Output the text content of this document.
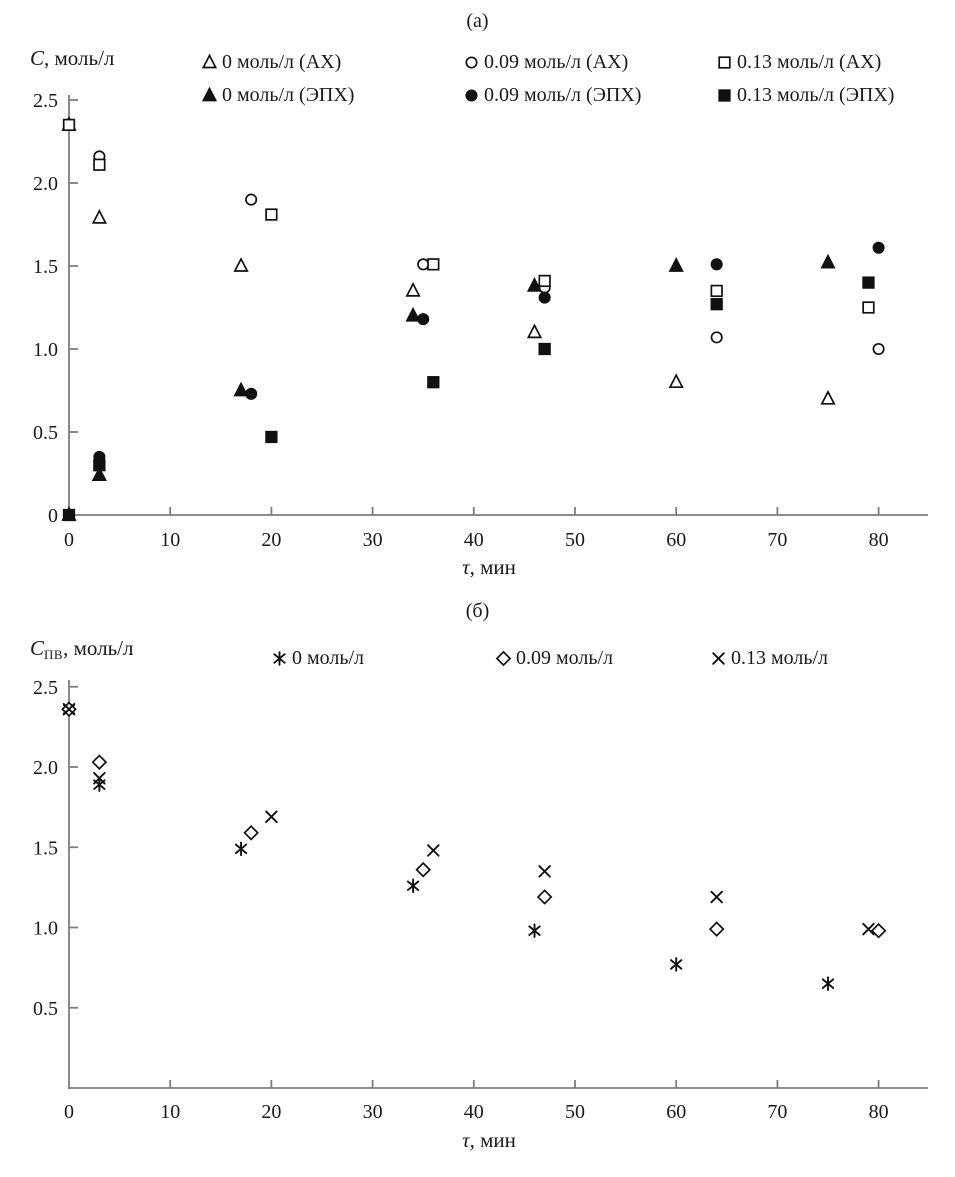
0	10	20	30	40	50	60	70	80
0
0.5
1.0
1.5
2.0
2.5
0	10	20	30	40	50	60	70	80
0.5
1.0
1.5
2.0
2.5
(а)
C, моль/л	0 моль/л (АХ)	0.09 моль/л (АХ)	0.13 моль/л (АХ)
0 моль/л (ЭПХ)	0.09 моль/л (ЭПХ)	0.13 моль/л (ЭПХ)
τ, мин
(б)
CПВ, моль/л	0 моль/л	0.09 моль/л	0.13 моль/л
τ, мин
